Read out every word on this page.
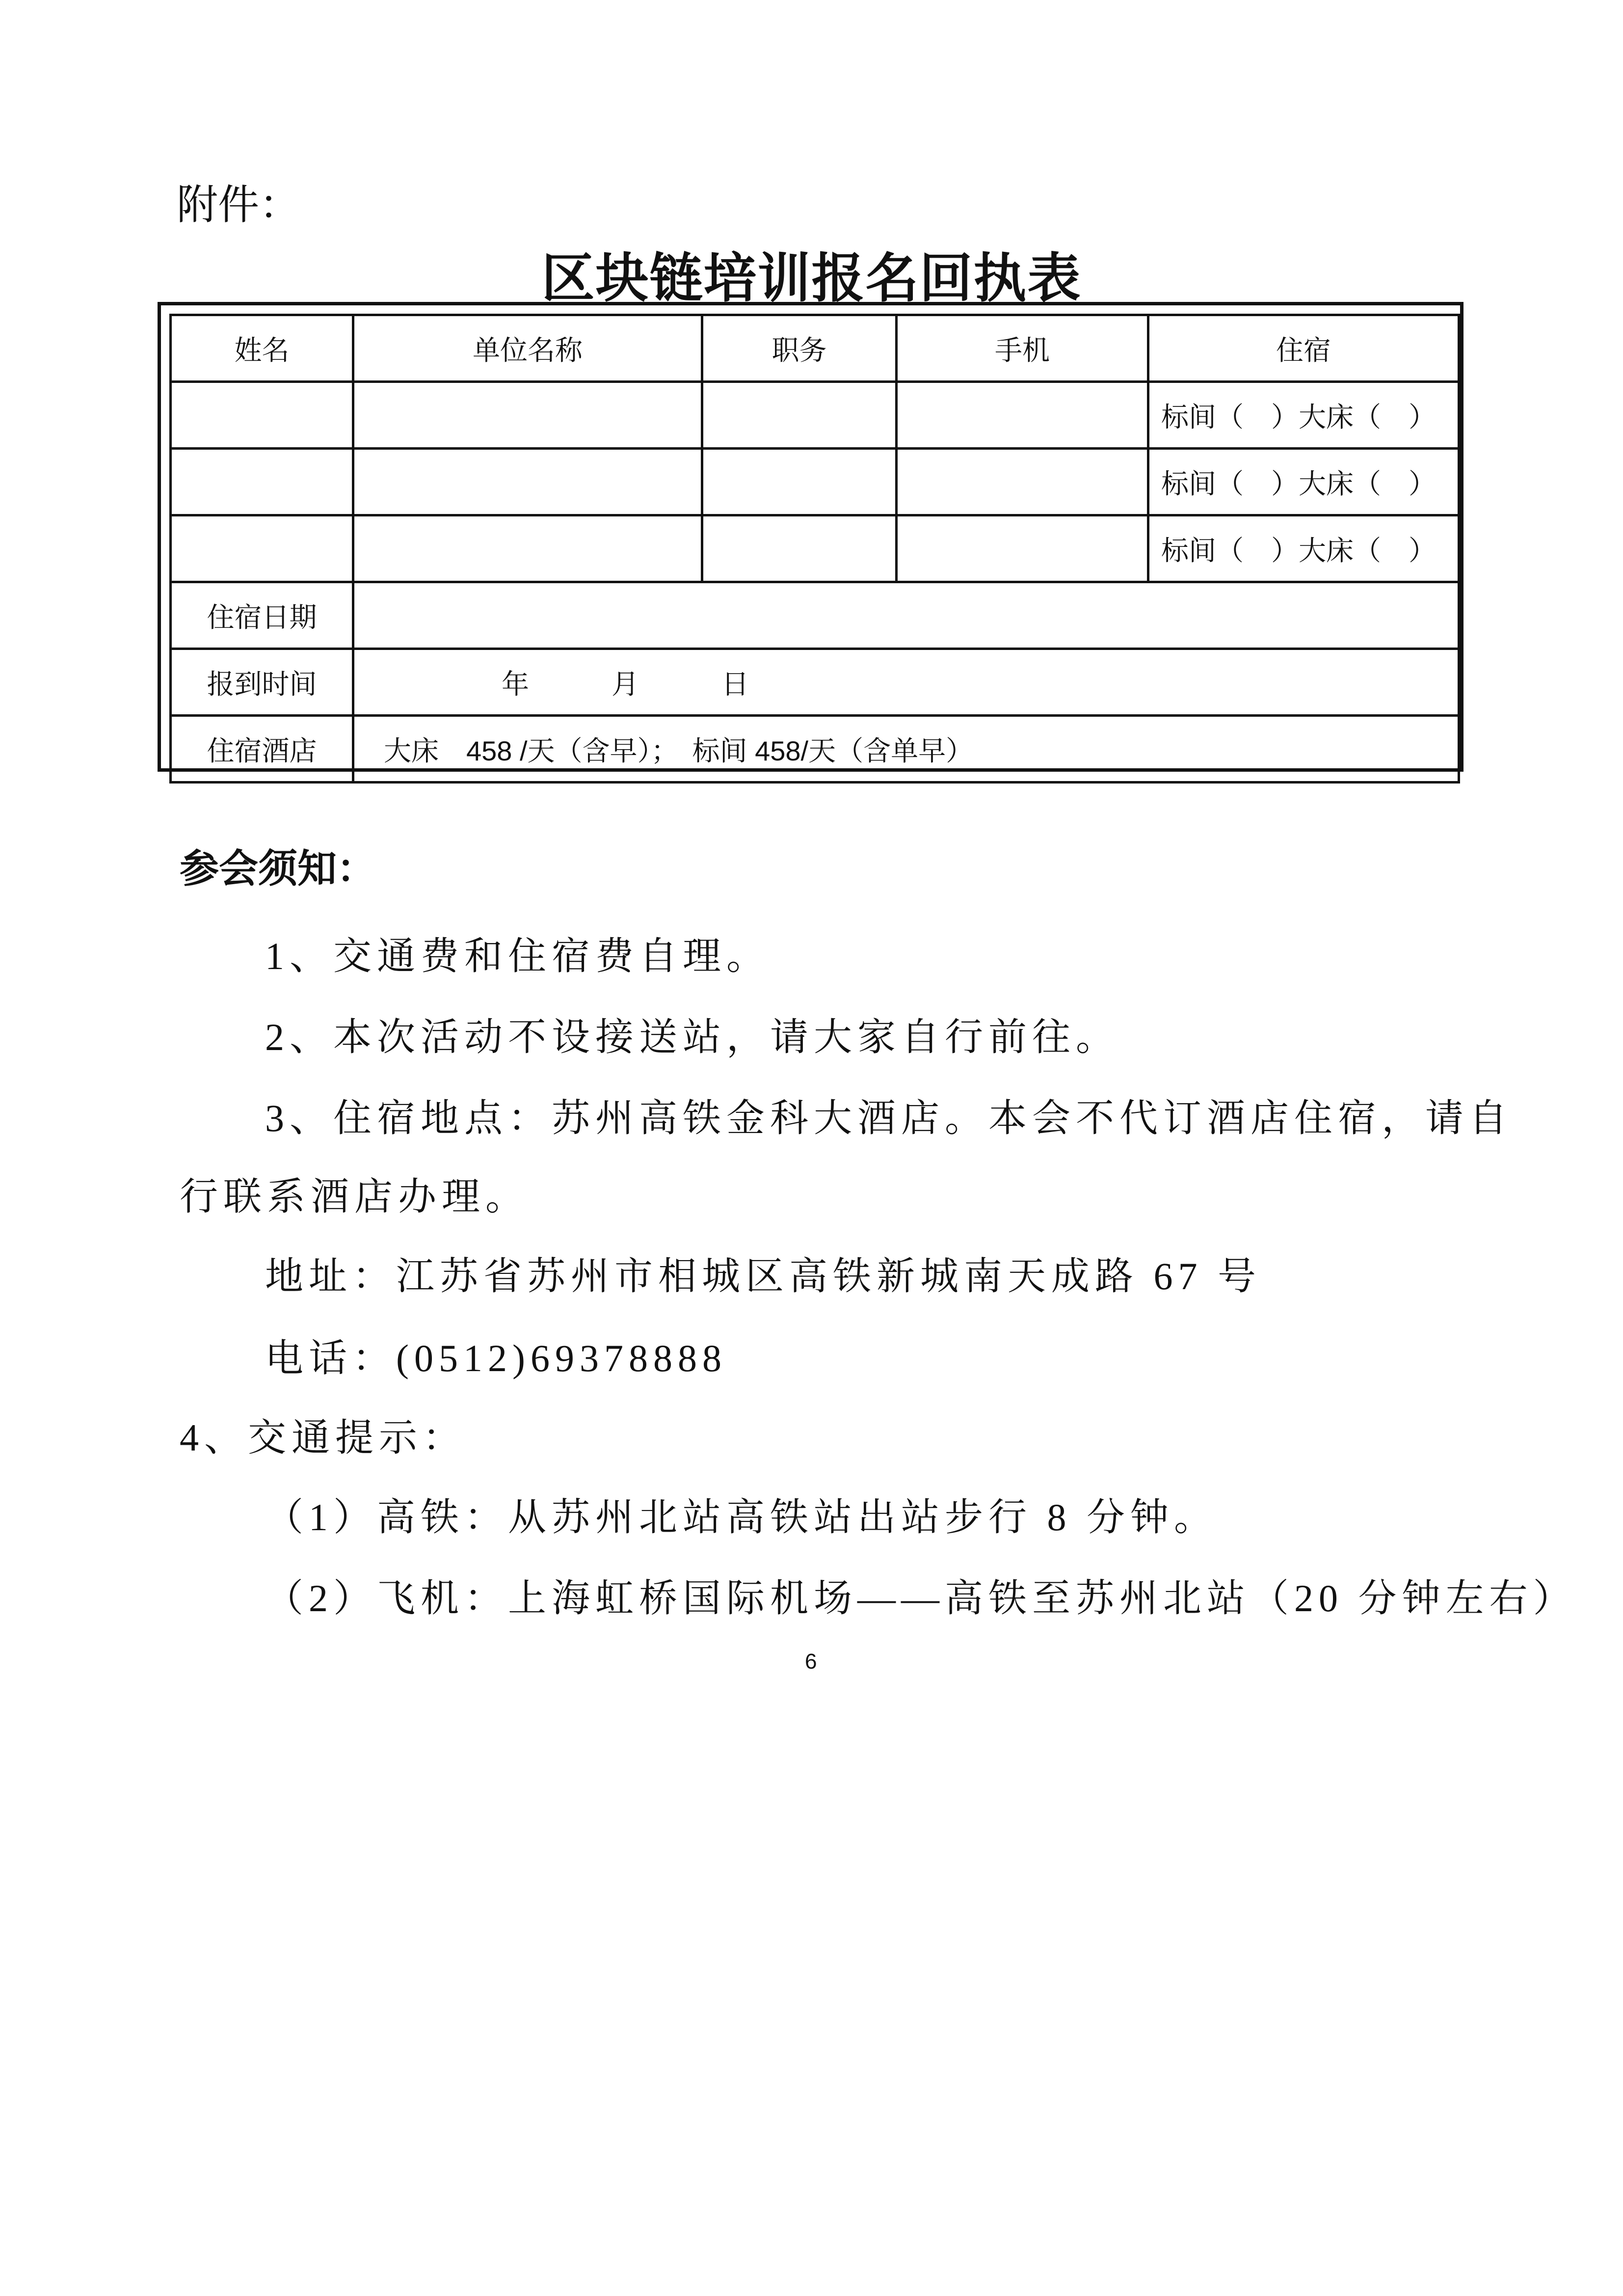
附件：
区块链培训报名回执表
姓名	单位名称	职务	手机	住宿
				标间（　）大床（　）
				标间（　）大床（　）
				标间（　）大床（　）
住宿日期				
报到时间	年　　　月　　　日			
住宿酒店	大床　458 /天（含早）；　标间 458/天（含单早）			
参会须知：
1、交通费和住宿费自理。
2、本次活动不设接送站，请大家自行前往。
3、住宿地点：苏州高铁金科大酒店。本会不代订酒店住宿，请自
行联系酒店办理。
地址：江苏省苏州市相城区高铁新城南天成路 67 号
电话：(0512)69378888
4、交通提示：
（1）高铁：从苏州北站高铁站出站步行 8 分钟。
（2）飞机：上海虹桥国际机场——高铁至苏州北站（20 分钟左右）
6
